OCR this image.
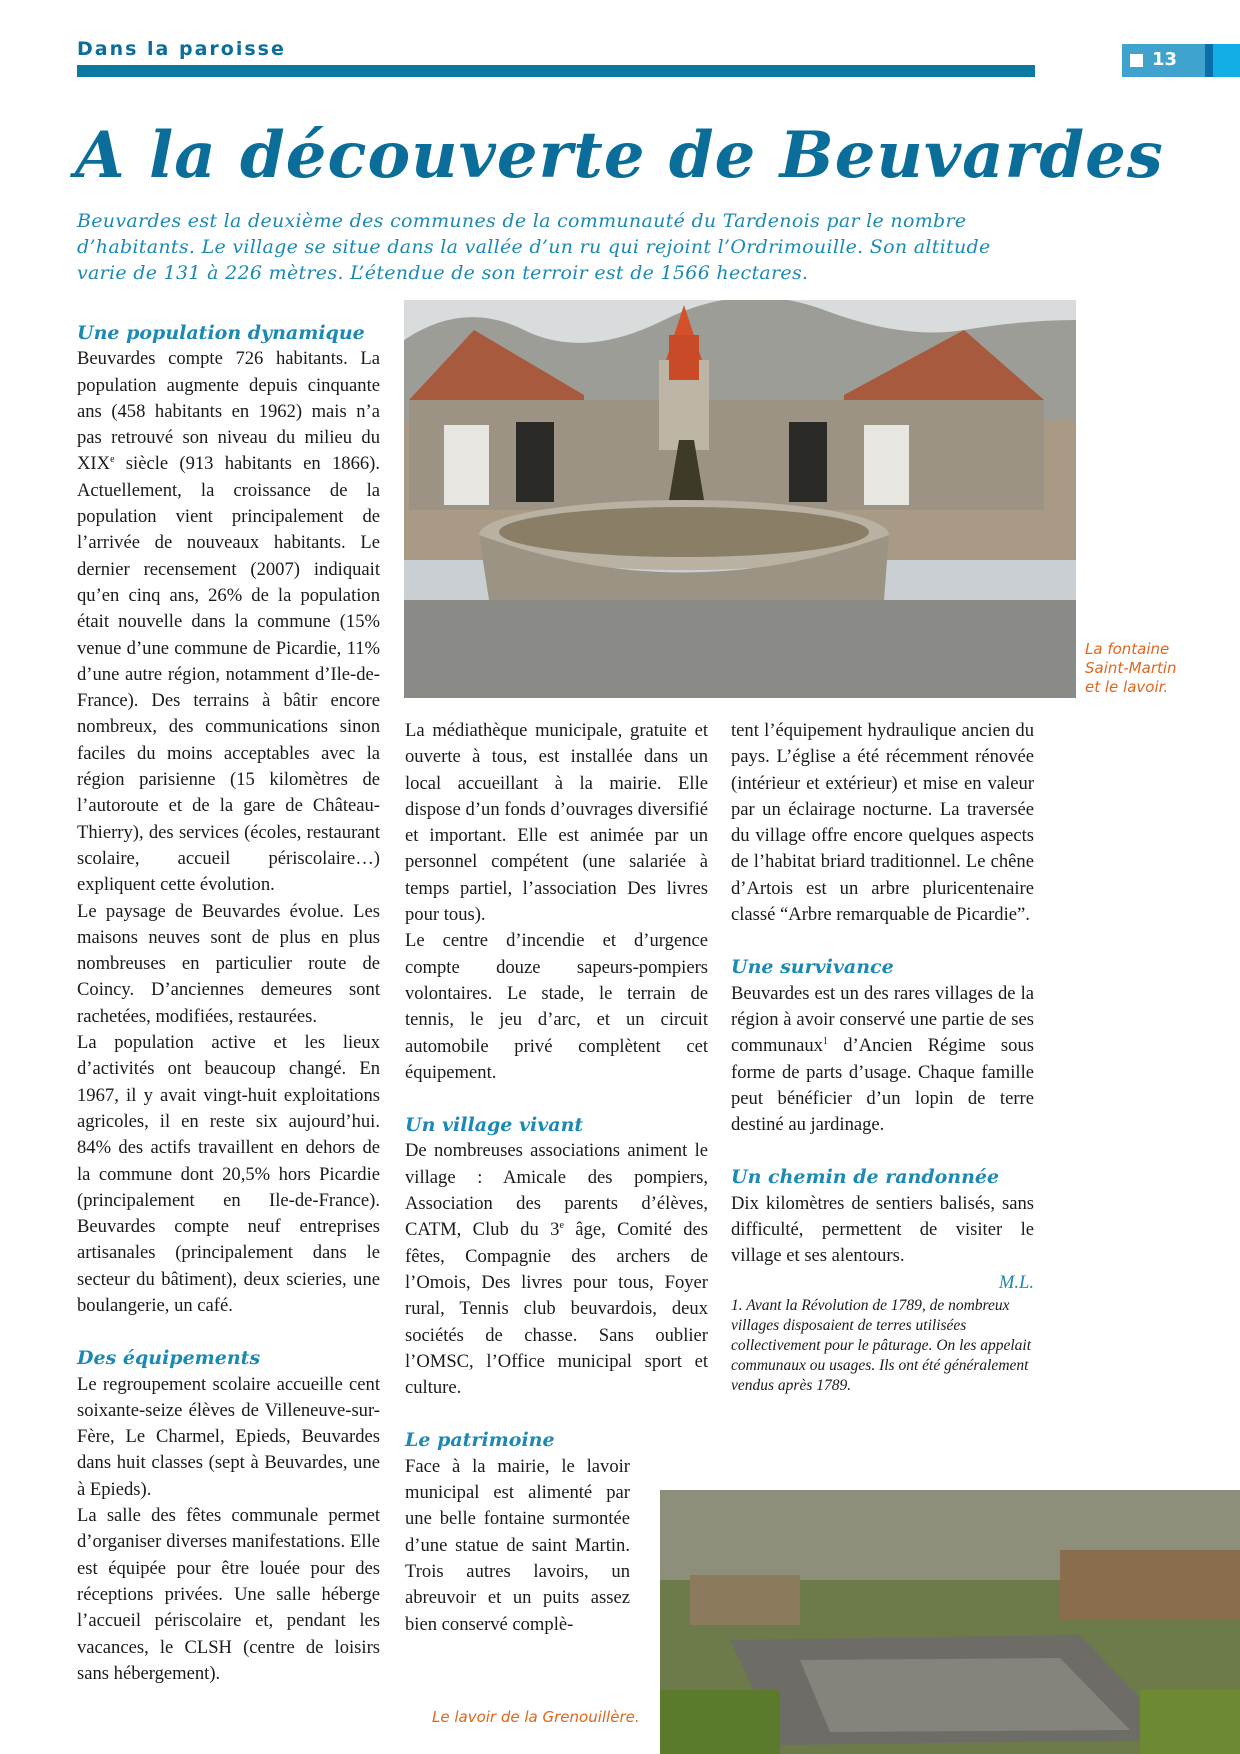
Dans la paroisse	13
A la découverte de Beuvardes
Beuvardes est la deuxième des communes de la communauté du Tardenois par le nombre d’habitants. Le village se situe dans la vallée d’un ru qui rejoint l’Ordrimouille. Son altitude varie de 131 à 226 mètres. L’étendue de son terroir est de 1566 hectares.
La fontaine Saint-Martin et le lavoir.
Le lavoir de la Grenouillère.
Une population dynamique

Beuvardes compte 726 habitants. La population augmente depuis cinquante ans (458 habitants en 1962) mais n’a pas retrouvé son niveau du milieu du XIXe siècle (913 habitants en 1866). Actuellement, la croissance de la population vient principalement de l’arrivée de nouveaux habitants. Le dernier recensement (2007) indiquait qu’en cinq ans, 26% de la population était nouvelle dans la commune (15% venue d’une commune de Picardie, 11% d’une autre région, notamment d’Ile-de-France). Des terrains à bâtir encore nombreux, des communications sinon faciles du moins acceptables avec la région parisienne (15 kilomètres de l’autoroute et de la gare de Château-Thierry), des services (écoles, restaurant scolaire, accueil périscolaire…) expliquent cette évolution.

Le paysage de Beuvardes évolue. Les maisons neuves sont de plus en plus nombreuses en particulier route de Coincy. D’anciennes demeures sont rachetées, modifiées, restaurées.

La population active et les lieux d’activités ont beaucoup changé. En 1967, il y avait vingt-huit exploitations agricoles, il en reste six aujourd’hui. 84% des actifs travaillent en dehors de la commune dont 20,5% hors Picardie (principalement en Ile-de-France). Beuvardes compte neuf entreprises artisanales (principalement dans le secteur du bâtiment), deux scieries, une boulangerie, un café.

Des équipements

Le regroupement scolaire accueille cent soixante-seize élèves de Villeneuve-sur-Fère, Le Charmel, Epieds, Beuvardes dans huit classes (sept à Beuvardes, une à Epieds).

La salle des fêtes communale permet d’organiser diverses manifestations. Elle est équipée pour être louée pour des réceptions privées. Une salle héberge l’accueil périscolaire et, pendant les vacances, le CLSH (centre de loisirs sans hébergement).

La médiathèque municipale, gratuite et ouverte à tous, est installée dans un local accueillant à la mairie. Elle dispose d’un fonds d’ouvrages diversifié et important. Elle est animée par un personnel compétent (une salariée à temps partiel, l’association Des livres pour tous).

Le centre d’incendie et d’urgence compte douze sapeurs-pompiers volontaires. Le stade, le terrain de tennis, le jeu d’arc, et un circuit automobile privé complètent cet équipement.

Un village vivant

De nombreuses associations animent le village : Amicale des pompiers, Association des parents d’élèves, CATM, Club du 3e âge, Comité des fêtes, Compagnie des archers de l’Omois, Des livres pour tous, Foyer rural, Tennis club beuvardois, deux sociétés de chasse. Sans oublier l’OMSC, l’Office municipal sport et culture.

Le patrimoine

Face à la mairie, le lavoir municipal est alimenté par une belle fontaine surmontée d’une statue de saint Martin. Trois autres lavoirs, un abreuvoir et un puits assez bien conservé complè-

tent l’équipement hydraulique ancien du pays. L’église a été récemment rénovée (intérieur et extérieur) et mise en valeur par un éclairage nocturne. La traversée du village offre encore quelques aspects de l’habitat briard traditionnel. Le chêne d’Artois est un arbre pluricentenaire classé “Arbre remarquable de Picardie”.

Une survivance

Beuvardes est un des rares villages de la région à avoir conservé une partie de ses communaux$^1$ d’Ancien Régime sous forme de parts d’usage. Chaque famille peut bénéficier d’un lopin de terre destiné au jardinage.

Un chemin de randonnée

Dix kilomètres de sentiers balisés, sans difficulté, permettent de visiter le village et ses alentours.

M.L.

1. Avant la Révolution de 1789, de nombreux villages disposaient de terres utilisées collectivement pour le pâturage. On les appelait communaux ou usages. Ils ont été généralement vendus après 1789.
